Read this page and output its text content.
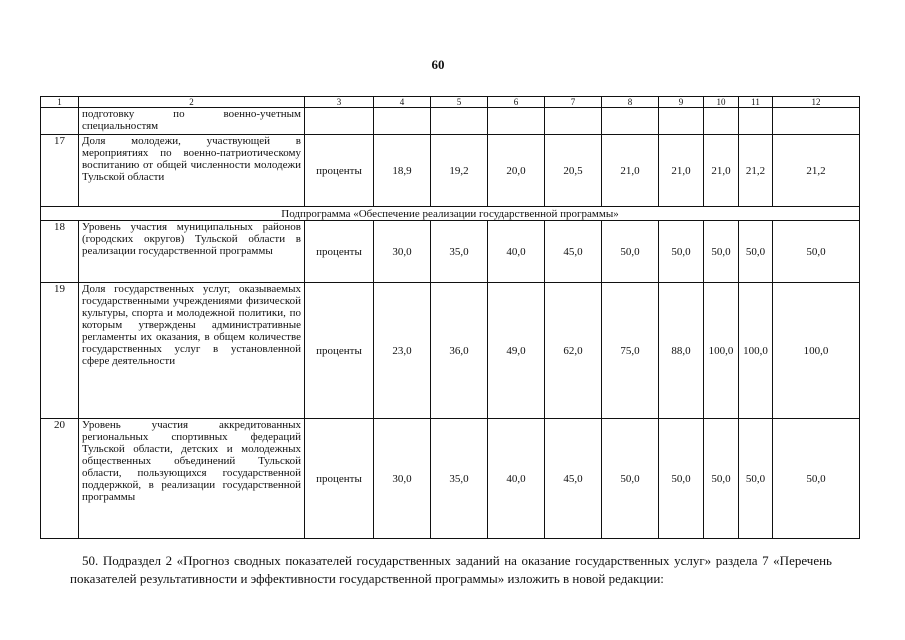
60
1	2	3	4	5	6	7	8	9	10	11	12
	подготовку по военно-учетным специальностям										
17	Доля молодежи, участвующей в мероприятиях по военно-патриотическому воспитанию от общей численности молодежи Тульской области	проценты	18,9	19,2	20,0	20,5	21,0	21,0	21,0	21,2	21,2
Подпрограмма «Обеспечение реализации государственной программы»											
18	Уровень участия муниципальных районов (городских округов) Тульской области в реализации государственной программы	проценты	30,0	35,0	40,0	45,0	50,0	50,0	50,0	50,0	50,0
19	Доля государственных услуг, оказываемых государственными учреждениями физической культуры, спорта и молодежной политики, по которым утверждены административные регламенты их оказания, в общем количестве государственных услуг в установленной сфере деятельности	проценты	23,0	36,0	49,0	62,0	75,0	88,0	100,0	100,0	100,0
20	Уровень участия аккредитованных региональных спортивных федераций Тульской области, детских и молодежных общественных объединений Тульской области, пользующихся государственной поддержкой, в реализации государственной программы	проценты	30,0	35,0	40,0	45,0	50,0	50,0	50,0	50,0	50,0
50. Подраздел 2 «Прогноз сводных показателей государственных заданий на оказание государственных услуг» раздела 7 «Перечень показателей результативности и эффективности государственной программы» изложить в новой редакции:
